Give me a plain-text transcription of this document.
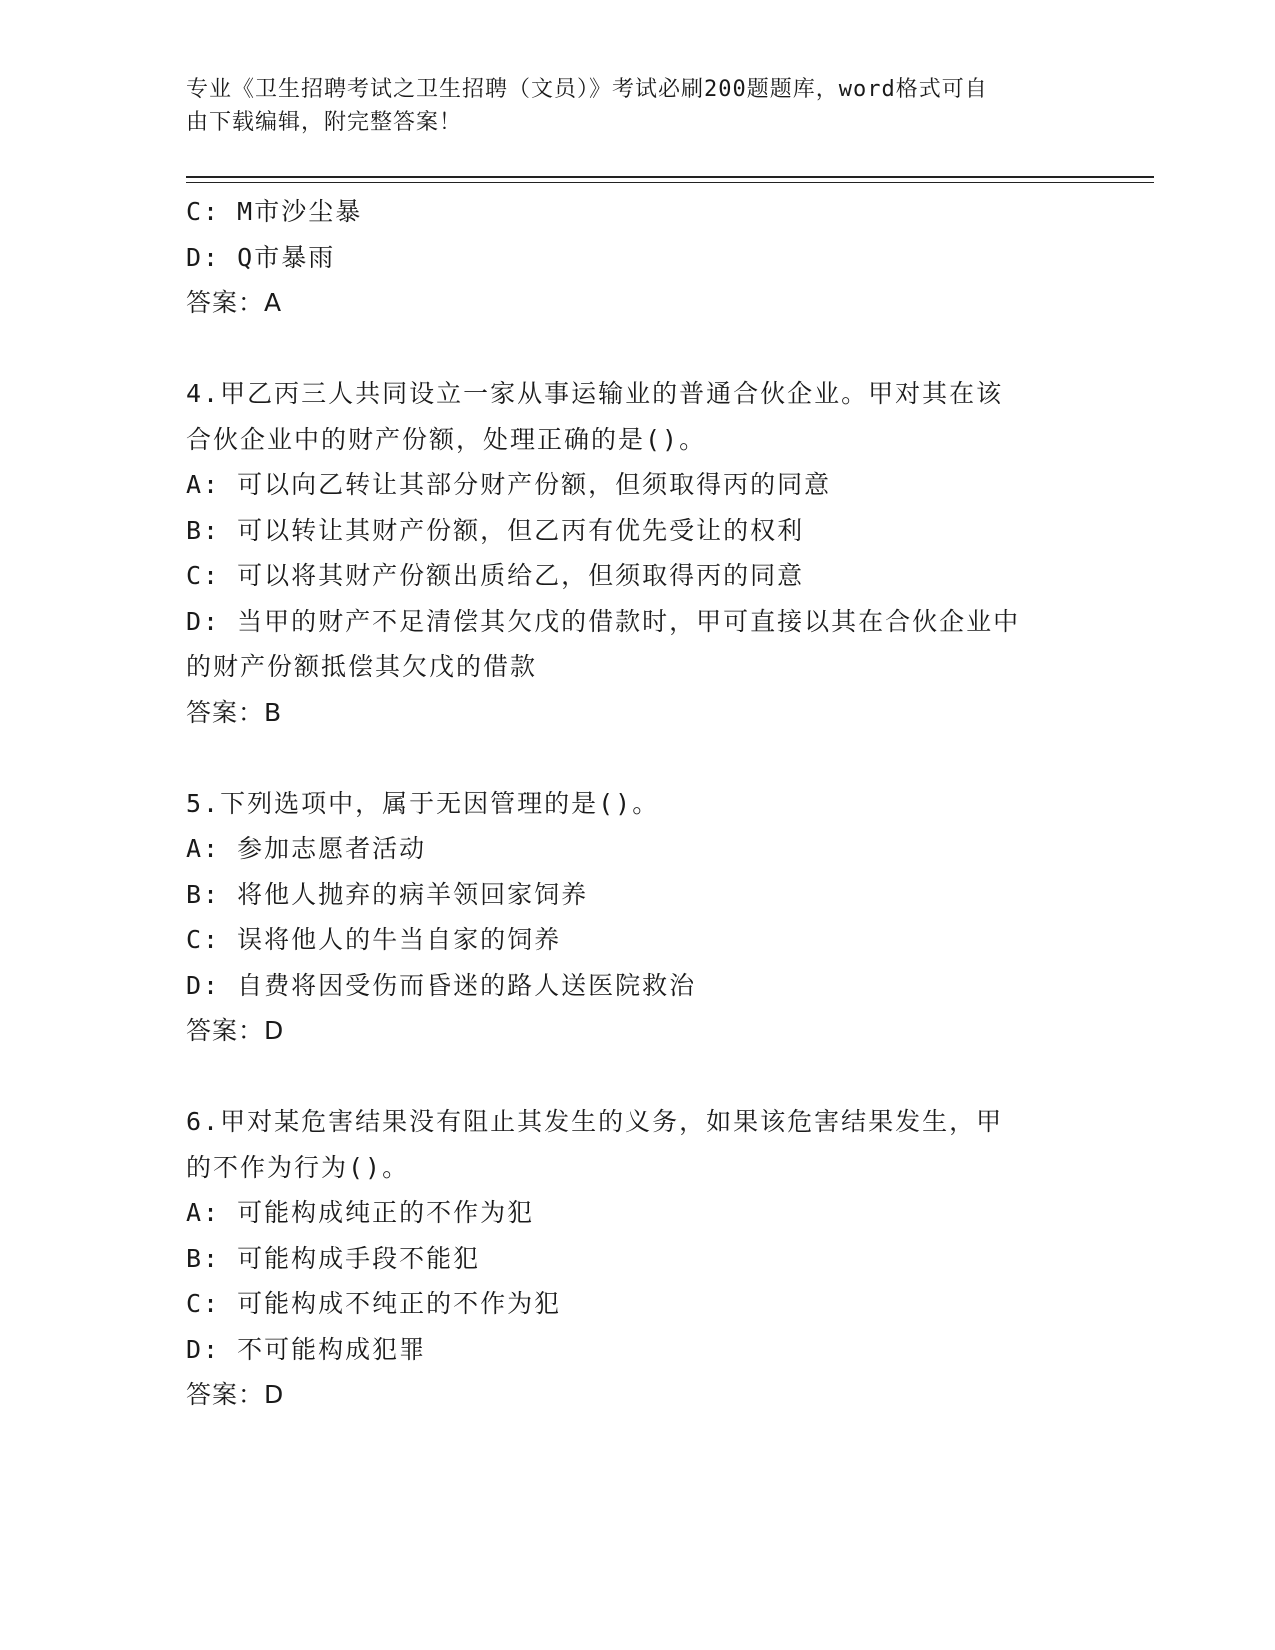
专业《卫生招聘考试之卫生招聘（文员）》考试必刷200题题库，word格式可自
由下载编辑，附完整答案！

C: M市沙尘暴

D: Q市暴雨

答案：A

4.甲乙丙三人共同设立一家从事运输业的普通合伙企业。甲对其在该

合伙企业中的财产份额，处理正确的是()。

A: 可以向乙转让其部分财产份额，但须取得丙的同意

B: 可以转让其财产份额，但乙丙有优先受让的权利

C: 可以将其财产份额出质给乙，但须取得丙的同意

D: 当甲的财产不足清偿其欠戊的借款时，甲可直接以其在合伙企业中

的财产份额抵偿其欠戊的借款

答案：B

5.下列选项中，属于无因管理的是()。

A: 参加志愿者活动

B: 将他人抛弃的病羊领回家饲养

C: 误将他人的牛当自家的饲养

D: 自费将因受伤而昏迷的路人送医院救治

答案：D

6.甲对某危害结果没有阻止其发生的义务，如果该危害结果发生，甲

的不作为行为()。

A: 可能构成纯正的不作为犯

B: 可能构成手段不能犯

C: 可能构成不纯正的不作为犯

D: 不可能构成犯罪

答案：D
